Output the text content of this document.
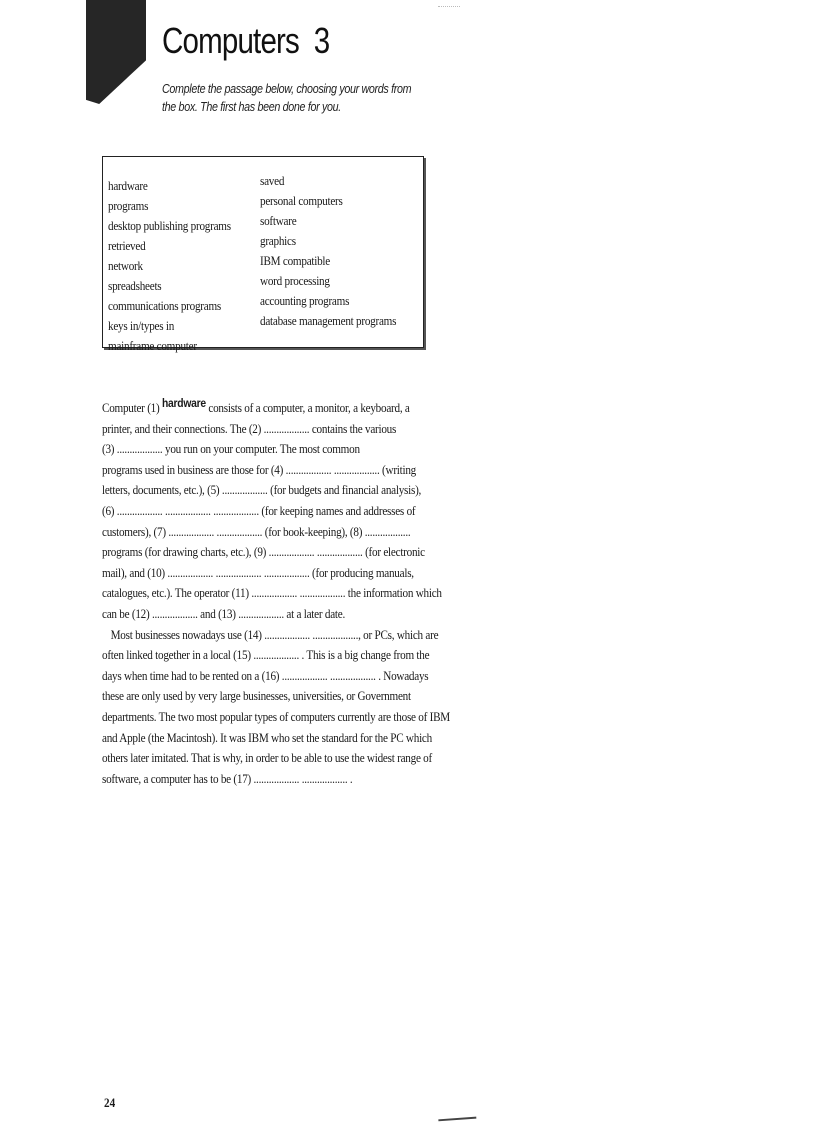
Computers 3

Complete the passage below, choosing your words from the box. The first has been done for you.

hardware
programs
desktop publishing programs
retrieved
network
spreadsheets
communications programs
keys in/types in
mainframe computer
saved
personal computers
software
graphics
IBM compatible
word processing
accounting programs
database management programs
Computer (1) hardware consists of a computer, a monitor, a keyboard, a
printer, and their connections. The (2) .................. contains the various
(3) .................. you run on your computer. The most common
programs used in business are those for (4) .................. .................. (writing
letters, documents, etc.), (5) .................. (for budgets and financial analysis),
(6) .................. .................. .................. (for keeping names and addresses of
customers), (7) .................. .................. (for book-keeping), (8) ..................
programs (for drawing charts, etc.), (9) .................. .................. (for electronic
mail), and (10) .................. .................. .................. (for producing manuals,
catalogues, etc.). The operator (11) .................. .................. the information which
can be (12) .................. and (13) .................. at a later date.
Most businesses nowadays use (14) .................. .................., or PCs, which are
often linked together in a local (15) .................. . This is a big change from the
days when time had to be rented on a (16) .................. .................. . Nowadays
these are only used by very large businesses, universities, or Government
departments. The two most popular types of computers currently are those of IBM
and Apple (the Macintosh). It was IBM who set the standard for the PC which
others later imitated. That is why, in order to be able to use the widest range of
software, a computer has to be (17) .................. .................. .
24
